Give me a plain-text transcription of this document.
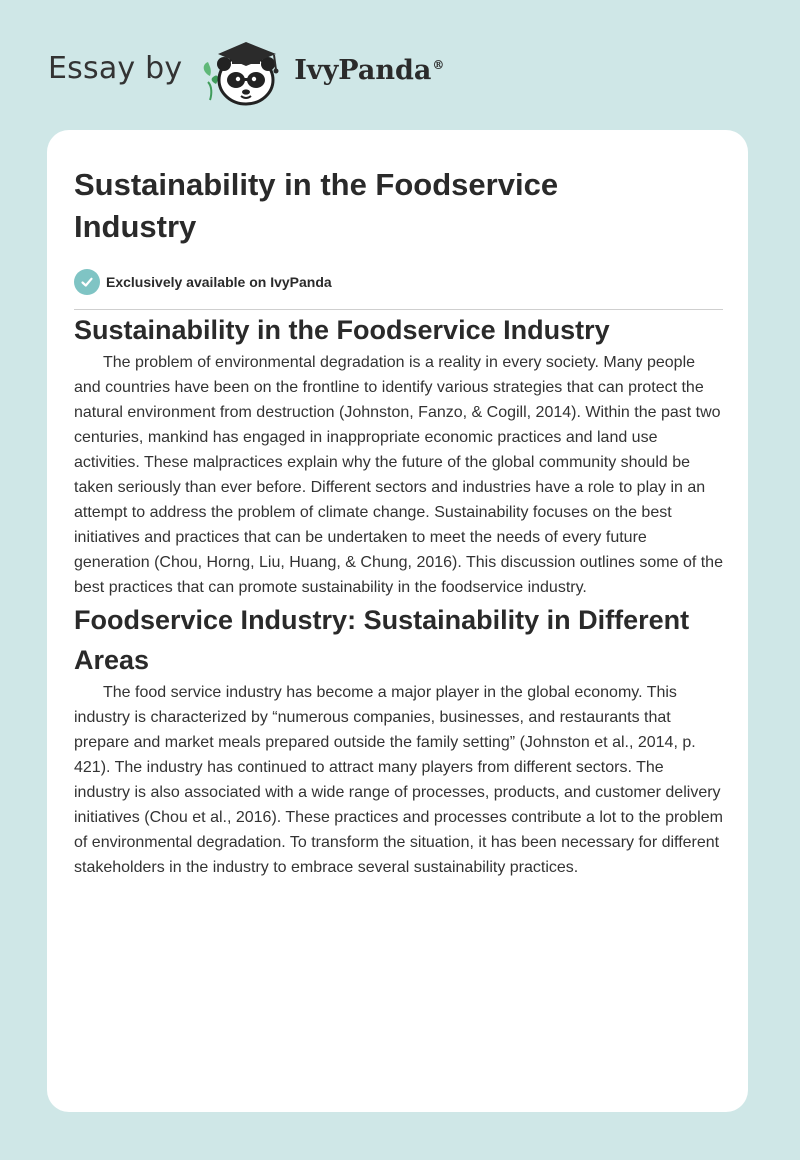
Essay by	IvyPanda®
Sustainability in the Foodservice Industry
Exclusively available on IvyPanda
Sustainability in the Foodservice Industry

The problem of environmental degradation is a reality in every society. Many people and countries have been on the frontline to identify various strategies that can protect the natural environment from destruction (Johnston, Fanzo, & Cogill, 2014). Within the past two centuries, mankind has engaged in inappropriate economic practices and land use activities. These malpractices explain why the future of the global community should be taken seriously than ever before. Different sectors and industries have a role to play in an attempt to address the problem of climate change. Sustainability focuses on the best initiatives and practices that can be undertaken to meet the needs of every future generation (Chou, Horng, Liu, Huang, & Chung, 2016). This discussion outlines some of the best practices that can promote sustainability in the foodservice industry.

Foodservice Industry: Sustainability in Different Areas

The food service industry has become a major player in the global economy. This industry is characterized by “numerous companies, businesses, and restaurants that prepare and market meals prepared outside the family setting” (Johnston et al., 2014, p. 421). The industry has continued to attract many players from different sectors. The industry is also associated with a wide range of processes, products, and customer delivery initiatives (Chou et al., 2016). These practices and processes contribute a lot to the problem of environmental degradation. To transform the situation, it has been necessary for different stakeholders in the industry to embrace several sustainability practices.
